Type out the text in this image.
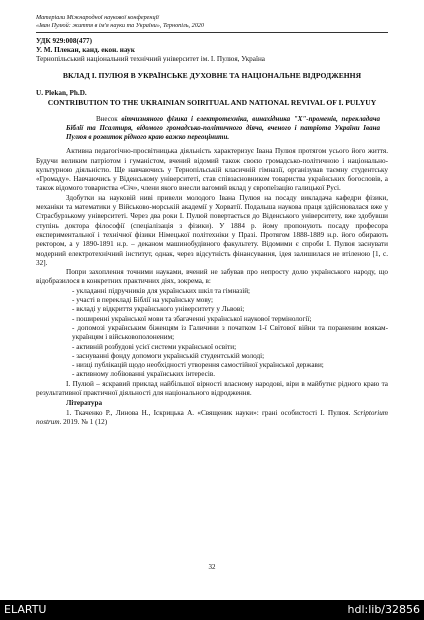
Матеріали Міжнародної наукової конференції
«Іван Пулюй: життя в ім'я науки та України», Тернопіль, 2020
УДК 929:008(477)
У. М. Плекан, канд. екон. наук
Тернопільський національний технічний університет ім. І. Пулюя, Україна
ВКЛАД І. ПУЛЮЯ В УКРАЇНСЬКЕ ДУХОВНЕ ТА НАЦІОНАЛЬНЕ ВІДРОДЖЕННЯ
U. Plekan, Ph.D.
CONTRIBUTION TO THE UKRAINIAN SOIRITUAL AND NATIONAL REVIVAL OF I. PULYUY
Внесок вітчизняного фізика і електротехніка, винахідника "Х"-променів, перекладача Біблії та Псалтиря, відомого громадсько-політичного діяча, вченого і патріота України Івана Пулюя в розвиток рідного краю важко переоцінити.

Активна педагогічно-просвітницька діяльність характеризує Івана Пулюя протягом усього його життя. Будучи великим патріотом і гуманістом, вчений відомий також своєю громадсько-політичною і національно-культурною діяльністю. Ще навчаючись у Тернопільській класичній гімназії, організував таємну студентську «Громаду». Навчаючись у Віденському університеті, став співзасновником товариства українських богословів, а також відомого товариства «Січ», члени якого внесли вагомий вклад у європеїзацію галицької Русі.

Здобутки на науковій ниві привели молодого Івана Пулюя на посаду викладача кафедри фізики, механіки та математики у Військово-морській академії у Хорватії. Подальша наукова праця здійснювалася вже у Страсбурзькому університеті. Через два роки І. Пулюй повертається до Віденського університету, вже здобувши ступінь доктора філософії (спеціалізація з фізики). У 1884 р. йому пропонують посаду професора експериментальної і технічної фізики Німецької політехніки у Празі. Протягом 1888-1889 н.р. його обирають ректором, а у 1890-1891 н.р. – деканом машинобудівного факультету. Відомими є спроби І. Пулюя заснувати модерний електротехнічний інститут, однак, через відсутність фінансування, ідея залишилася не втіленою [1, с. 32].

Попри захоплення точними науками, вчений не забував про непросту долю українського народу, що відобразилося в конкретних практичних діях, зокрема, в:

- укладанні підручників для українських шкіл та гімназій;
- участі в перекладі Біблії на українську мову;
- вкладі у відкриття українського університету у Львові;
- поширенні української мови та збагаченні української наукової термінології;
- допомозі українським біженцям із Галичини з початком 1-ї Світової війни та пораненим воякам-українцям і військовополоненим;
- активній розбудові усієї системи української освіти;
- заснуванні фонду допомоги українській студентській молоді;
- низці публікацій щодо необхідності утворення самостійної української держави;
- активному лобіюванні українських інтересів.

І. Пулюй – яскравий приклад найбільшої вірності власному народові, віри в майбутнє рідного краю та результативної практичної діяльності для національного відродження.

Література
1. Ткаченко Р., Линова Н., Іскрицька А. «Священик науки»: грані особистості І. Пулюя. Scriptorium nostrum. 2019. № 1 (12)
32
ELARTU	hdl:lib/32856
